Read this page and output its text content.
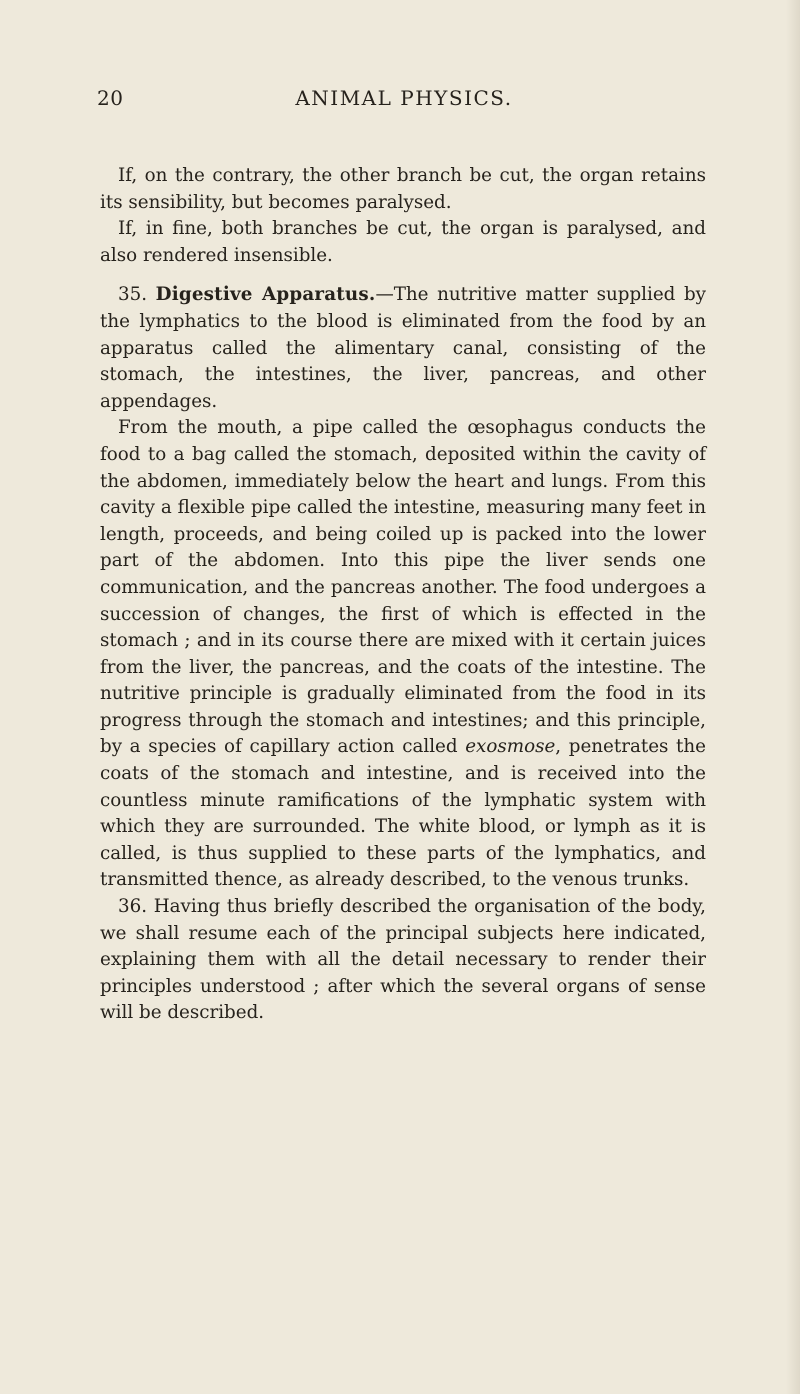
20	ANIMAL PHYSICS.

If, on the contrary, the other branch be cut, the organ retains its sensibility, but becomes paralysed.

If, in fine, both branches be cut, the organ is paralysed, and also rendered insensible.

35. Digestive Apparatus.—The nutritive matter supplied by the lymphatics to the blood is eliminated from the food by an apparatus called the alimentary canal, consisting of the stomach, the intestines, the liver, pancreas, and other appendages.

From the mouth, a pipe called the œsophagus conducts the food to a bag called the stomach, deposited within the cavity of the abdomen, immediately below the heart and lungs. From this cavity a flexible pipe called the intestine, measuring many feet in length, proceeds, and being coiled up is packed into the lower part of the abdomen. Into this pipe the liver sends one communication, and the pancreas another. The food undergoes a succession of changes, the first of which is effected in the stomach ; and in its course there are mixed with it certain juices from the liver, the pancreas, and the coats of the intestine. The nutritive principle is gradually eliminated from the food in its progress through the stomach and intestines; and this principle, by a species of capillary action called exosmose, penetrates the coats of the stomach and intestine, and is received into the countless minute ramifications of the lymphatic system with which they are surrounded. The white blood, or lymph as it is called, is thus supplied to these parts of the lymphatics, and transmitted thence, as already described, to the venous trunks.

36. Having thus briefly described the organisation of the body, we shall resume each of the principal subjects here indicated, explaining them with all the detail necessary to render their principles understood ; after which the several organs of sense will be described.
